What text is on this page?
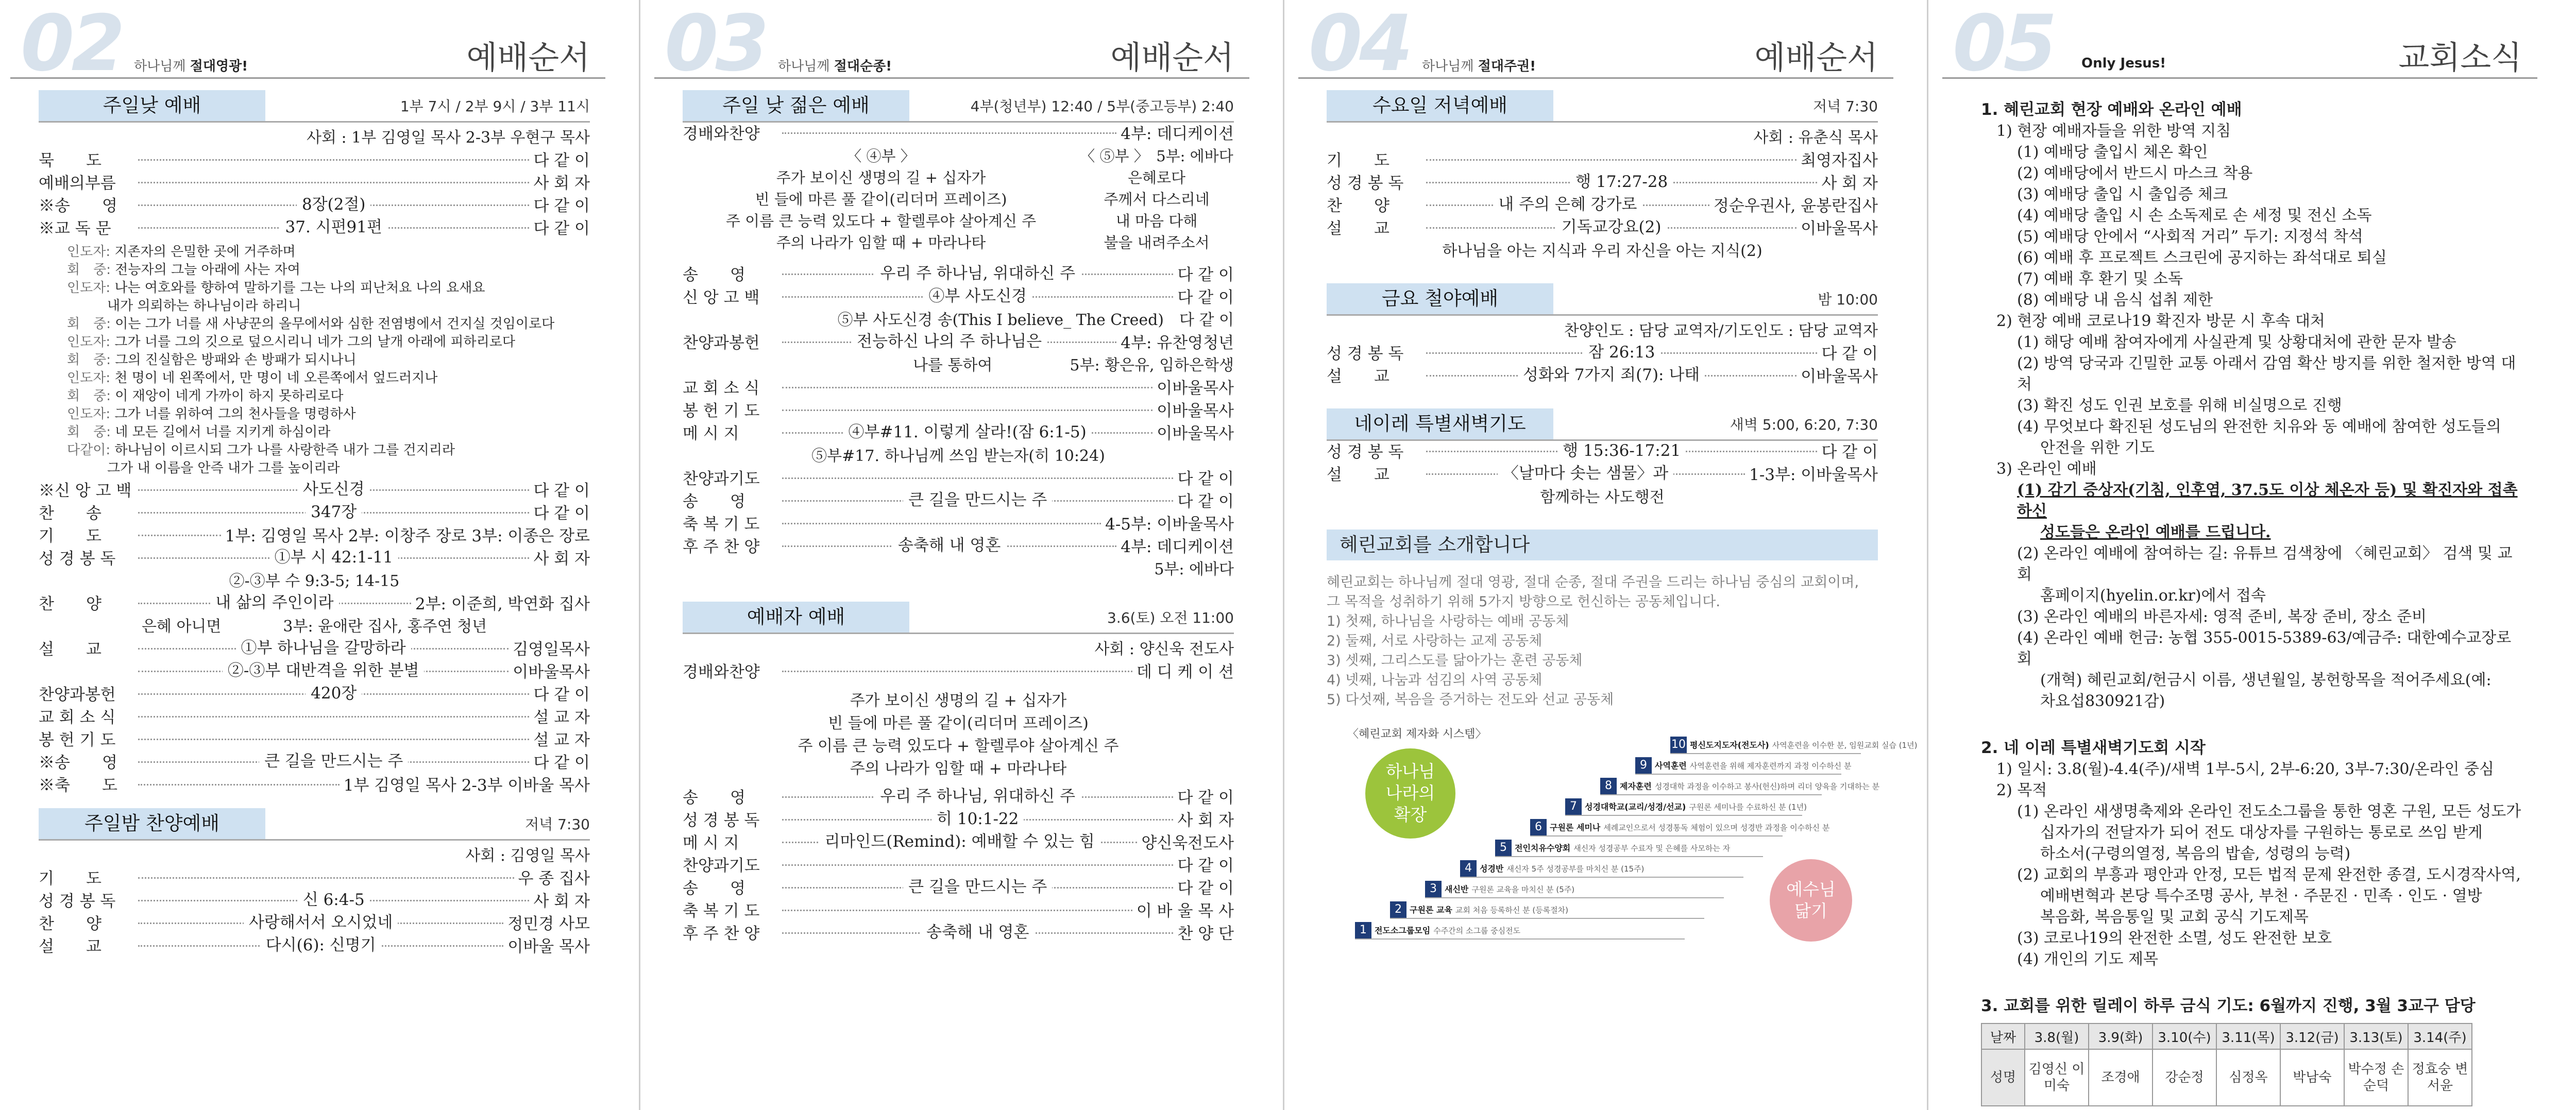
02 하나님께 절대영광!	예배순서
주일낮 예배	1부 7시 / 2부 9시 / 3부 11시
사회 : 1부 김영일 목사 2-3부 우현구 목사
묵　　도	다 같 이
예배의부름	사 회 자
※송　　영	8장(2절)	다 같 이
※교 독 문	37. 시편91편	다 같 이
인도자: 지존자의 은밀한 곳에 거주하며
회　중: 전능자의 그늘 아래에 사는 자여
인도자: 나는 여호와를 향하여 말하기를 그는 나의 피난처요 나의 요새요
　　　내가 의뢰하는 하나님이라 하리니
회　중: 이는 그가 너를 새 사냥꾼의 올무에서와 심한 전염병에서 건지실 것임이로다
인도자: 그가 너를 그의 깃으로 덮으시리니 네가 그의 날개 아래에 피하리로다
회　중: 그의 진실함은 방패와 손 방패가 되시나니
인도자: 천 명이 네 왼쪽에서, 만 명이 네 오른쪽에서 엎드러지나
회　중: 이 재앙이 네게 가까이 하지 못하리로다
인도자: 그가 너를 위하여 그의 천사들을 명령하사
회　중: 네 모든 길에서 너를 지키게 하심이라
다같이: 하나님이 이르시되 그가 나를 사랑한즉 내가 그를 건지리라
　　　그가 내 이름을 안즉 내가 그를 높이리라
※신 앙 고 백	사도신경	다 같 이
찬　　송	347장	다 같 이
기　　도	1부: 김영일 목사 2부: 이창주 장로 3부: 이종은 장로
성 경 봉 독	①부 시 42:1-11	사 회 자
②-③부 수 9:3-5; 14-15
찬　　양	내 삶의 주인이라	2부: 이준희, 박연화 집사
은혜 아니면　　　　3부: 윤애란 집사, 홍주연 청년
설　　교	①부 하나님을 갈망하라	김영일목사
②-③부 대반격을 위한 분별	이바울목사
찬양과봉헌	420장	다 같 이
교 회 소 식	설 교 자
봉 헌 기 도	설 교 자
※송　　영	큰 길을 만드시는 주	다 같 이
※축　　도	1부 김영일 목사 2-3부 이바울 목사
주일밤 찬양예배	저녁 7:30
사회 : 김영일 목사
기　　도	우 종 집사
성 경 봉 독	신 6:4-5	사 회 자
찬　　양	사랑해서서 오시었네	정민경 사모
설　　교	다시(6): 신명기	이바울 목사
03 하나님께 절대순종!	예배순서
주일 낮 젊은 예배	4부(청년부) 12:40 / 5부(중고등부) 2:40
경배와찬양	4부: 데디케이션
〈 ④부 〉	〈 ⑤부 〉　5부: 에바다
주가 보이신 생명의 길 + 십자가	은혜로다
빈 들에 마른 풀 같이(리더머 프레이즈)	주께서 다스리네
주 이름 큰 능력 있도다 + 할렐루야 살아계신 주	내 마음 다해
주의 나라가 임할 때 + 마라나타	불을 내려주소서
송　　영	우리 주 하나님, 위대하신 주	다 같 이
신 앙 고 백	④부 사도신경	다 같 이
⑤부 사도신경 송(This I believe_ The Creed)　다 같 이
찬양과봉헌	전능하신 나의 주 하나님은	4부: 유찬영청년
나를 통하여　　　　　5부: 황은유, 임하은학생
교 회 소 식	이바울목사
봉 헌 기 도	이바울목사
메 시 지	④부#11. 이렇게 살라!(잠 6:1-5)	이바울목사
⑤부#17. 하나님께 쓰임 받는자(히 10:24)
찬양과기도	다 같 이
송　　영	큰 길을 만드시는 주	다 같 이
축 복 기 도	4-5부: 이바울목사
후 주 찬 양	송축해 내 영혼	4부: 데디케이션
5부: 에바다
예배자 예배	3.6(토) 오전 11:00
사회 : 양신욱 전도사
경배와찬양	데 디 케 이 션
주가 보이신 생명의 길 + 십자가
빈 들에 마른 풀 같이(리더머 프레이즈)
주 이름 큰 능력 있도다 + 할렐루야 살아계신 주
주의 나라가 임할 때 + 마라나타
송　　영	우리 주 하나님, 위대하신 주	다 같 이
성 경 봉 독	히 10:1-22	사 회 자
메 시 지	리마인드(Remind): 예배할 수 있는 힘	양신욱전도사
찬양과기도	다 같 이
송　　영	큰 길을 만드시는 주	다 같 이
축 복 기 도	이 바 울 목 사
후 주 찬 양	송축해 내 영혼	찬 양 단
04 하나님께 절대주권!	예배순서
수요일 저녁예배	저녁 7:30
사회 : 유춘식 목사
기　　도	최영자집사
성 경 봉 독	행 17:27-28	사 회 자
찬　　양	내 주의 은혜 강가로	정순우권사, 윤봉란집사
설　　교	기독교강요(2)	이바울목사
하나님을 아는 지식과 우리 자신을 아는 지식(2)
금요 철야예배	밤 10:00
찬양인도 : 담당 교역자/기도인도 : 담당 교역자
성 경 봉 독	잠 26:13	다 같 이
설　　교	성화와 7가지 죄(7): 나태	이바울목사
네이레 특별새벽기도	새벽 5:00, 6:20, 7:30
성 경 봉 독	행 15:36-17:21	다 같 이
설　　교	〈날마다 솟는 샘물〉과	1-3부: 이바울목사
함께하는 사도행전
혜린교회를 소개합니다
혜린교회는 하나님께 절대 영광, 절대 순종, 절대 주권을 드리는 하나님 중심의 교회이며,
그 목적을 성취하기 위해 5가지 방향으로 헌신하는 공동체입니다.
1) 첫째, 하나님을 사랑하는 예배 공동체
2) 둘째, 서로 사랑하는 교제 공동체
3) 셋째, 그리스도를 닮아가는 훈련 공동체
4) 넷째, 나눔과 섬김의 사역 공동체
5) 다섯째, 복음을 증거하는 전도와 선교 공동체
〈혜린교회 제자화 시스템〉
하나님
나라의
확장
예수님
닮기
1 전도소그룹모임 수주간의 소그룹 중심전도
2 구원론 교육 교회 처음 등록하신 분 (등록절차)
3 새신반 구원론 교육을 마치신 분 (5주)
4 성경반 새신자 5주 성경공부를 마치신 분 (15주)
5 전인치유수양회 새신자 성경공부 수료자 및 은혜를 사모하는 자
6 구원론 세미나 세례교인으로서 성경통독 체험이 있으며 성경반 과정을 이수하신 분
7 성경대학교(교리/성경/선교) 구원론 세미나를 수료하신 분 (1년)
8 제자훈련 성경대학 과정을 이수하고 봉사(헌신)하며 리더 양육을 기대하는 분
9 사역훈련 사역훈련을 위해 제자훈련까지 과정 이수하신 분
10 평신도지도자(전도사) 사역훈련을 이수한 분, 임원교회 실습 (1년)
05 Only Jesus!	교회소식
1. 혜린교회 현장 예배와 온라인 예배
1) 현장 예배자들을 위한 방역 지침
(1) 예배당 출입시 체온 확인
(2) 예배당에서 반드시 마스크 착용
(3) 예배당 출입 시 출입증 체크
(4) 예배당 출입 시 손 소독제로 손 세정 및 전신 소독
(5) 예배당 안에서 “사회적 거리” 두기: 지정석 착석
(6) 예배 후 프로젝트 스크린에 공지하는 좌석대로 퇴실
(7) 예배 후 환기 및 소독
(8) 예배당 내 음식 섭취 제한
2) 현장 예배 코로나19 확진자 방문 시 후속 대처
(1) 해당 예배 참여자에게 사실관계 및 상황대처에 관한 문자 발송
(2) 방역 당국과 긴밀한 교통 아래서 감염 확산 방지를 위한 철저한 방역 대처
(3) 확진 성도 인권 보호를 위해 비실명으로 진행
(4) 무엇보다 확진된 성도님의 완전한 치유와 동 예배에 참여한 성도들의
안전을 위한 기도
3) 온라인 예배
(1) 감기 증상자(기침, 인후염, 37.5도 이상 체온자 등) 및 확진자와 접촉하신
성도들은 온라인 예배를 드립니다.
(2) 온라인 예배에 참여하는 길: 유튜브 검색창에 〈혜린교회〉 검색 및 교회
홈페이지(hyelin.or.kr)에서 접속
(3) 온라인 예배의 바른자세: 영적 준비, 복장 준비, 장소 준비
(4) 온라인 예배 헌금: 농협 355-0015-5389-63/예금주: 대한예수교장로회
(개혁) 혜린교회/헌금시 이름, 생년월일, 봉헌항목을 적어주세요(예:
차요섭830921감)
2. 네 이레 특별새벽기도회 시작
1) 일시: 3.8(월)-4.4(주)/새벽 1부-5시, 2부-6:20, 3부-7:30/온라인 중심
2) 목적
(1) 온라인 새생명축제와 온라인 전도소그룹을 통한 영혼 구원, 모든 성도가
십자가의 전달자가 되어 전도 대상자를 구원하는 통로로 쓰임 받게
하소서(구령의열정, 복음의 밥솥, 성령의 능력)
(2) 교회의 부흥과 평안과 안정, 모든 법적 문제 완전한 종결, 도시경작사역,
예배변혁과 본당 특수조명 공사, 부천 · 주문진 · 민족 · 인도 · 열방
복음화, 복음통일 및 교회 공식 기도제목
(3) 코로나19의 완전한 소멸, 성도 완전한 보호
(4) 개인의 기도 제목
3. 교회를 위한 릴레이 하루 금식 기도: 6월까지 진행, 3월 3교구 담당
날짜	3.8(월)	3.9(화)	3.10(수)	3.11(목)	3.12(금)	3.13(토)	3.14(주)
성명	김영신 이미숙	조경애	강순정	심정옥	박남숙	박수정 손순덕	정효숭 변서윤
